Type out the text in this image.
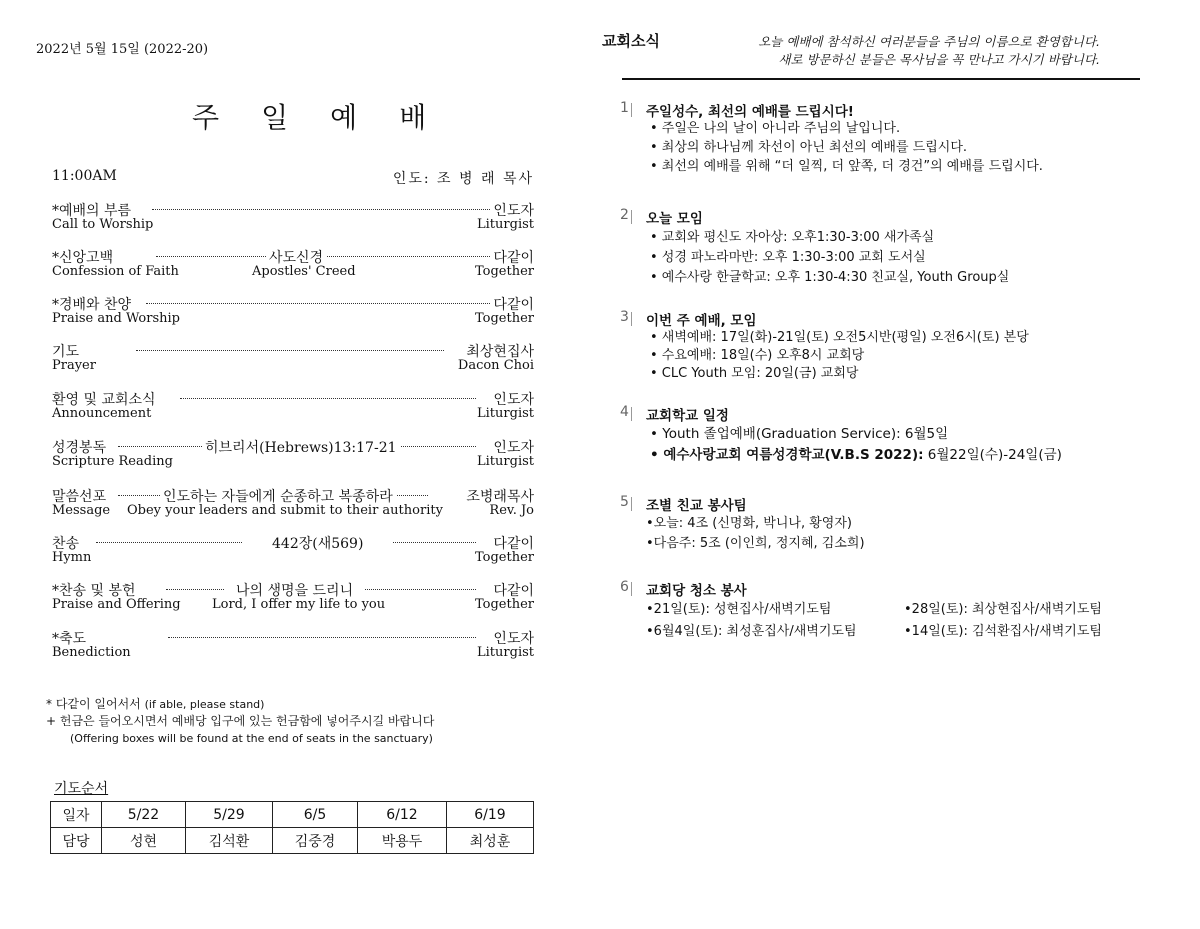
2022년 5월 15일 (2022-20)
주 일 예 배
11:00AM	인도: 조 병 래 목사
*예배의 부름	인도자
Call to Worship	Liturgist
*신앙고백	사도신경	다같이
Confession of Faith	Apostles' Creed	Together
*경배와 찬양	다같이
Praise and Worship	Together
기도	최상현집사
Prayer	Dacon Choi
환영 및 교회소식	인도자
Announcement	Liturgist
성경봉독	히브리서(Hebrews)13:17-21	인도자
Scripture Reading	Liturgist
말씀선포	인도하는 자들에게 순종하고 복종하라	조병래목사
Message Obey your leaders and submit to their authority	Rev. Jo
찬송	442장(새569)	다같이
Hymn	Together
*찬송 및 봉헌	나의 생명을 드리니	다같이
Praise and Offering Lord, I offer my life to you	Together
*축도	인도자
Benediction	Liturgist
* 다같이 일어서서 (if able, please stand)
+ 헌금은 들어오시면서 예배당 입구에 있는 헌금함에 넣어주시길 바랍니다
(Offering boxes will be found at the end of seats in the sanctuary)
기도순서
일자	5/22	5/29	6/5	6/12	6/19
담당	성현	김석환	김중경	박용두	최성훈
교회소식	오늘 예배에 참석하신 여러분들을 주님의 이름으로 환영합니다.
새로 방문하신 분들은 목사님을 꼭 만나고 가시기 바랍니다.
1 주일성수, 최선의 예배를 드립시다!
• 주일은 나의 날이 아니라 주님의 날입니다.
• 최상의 하나님께 차선이 아닌 최선의 예배를 드립시다.
• 최선의 예배를 위해 “더 일찍, 더 앞쪽, 더 경건”의 예배를 드립시다.
2 오늘 모임
• 교회와 평신도 자아상: 오후1:30-3:00 새가족실
• 성경 파노라마반: 오후 1:30-3:00 교회 도서실
• 예수사랑 한글학교: 오후 1:30-4:30 친교실, Youth Group실
3 이번 주 예배, 모임
• 새벽예배: 17일(화)-21일(토) 오전5시반(평일) 오전6시(토) 본당
• 수요예배: 18일(수) 오후8시 교회당
• CLC Youth 모임: 20일(금) 교회당
4 교회학교 일정
• Youth 졸업예배(Graduation Service): 6월5일
• 예수사랑교회 여름성경학교(V.B.S 2022): 6월22일(수)-24일(금)
5 조별 친교 봉사팀
•오늘: 4조 (신명화, 박니나, 황영자)
•다음주: 5조 (이인희, 정지혜, 김소희)
6 교회당 청소 봉사
•21일(토): 성현집사/새벽기도팀	•28일(토): 최상현집사/새벽기도팀
•6월4일(토): 최성훈집사/새벽기도팀	•14일(토): 김석환집사/새벽기도팀
